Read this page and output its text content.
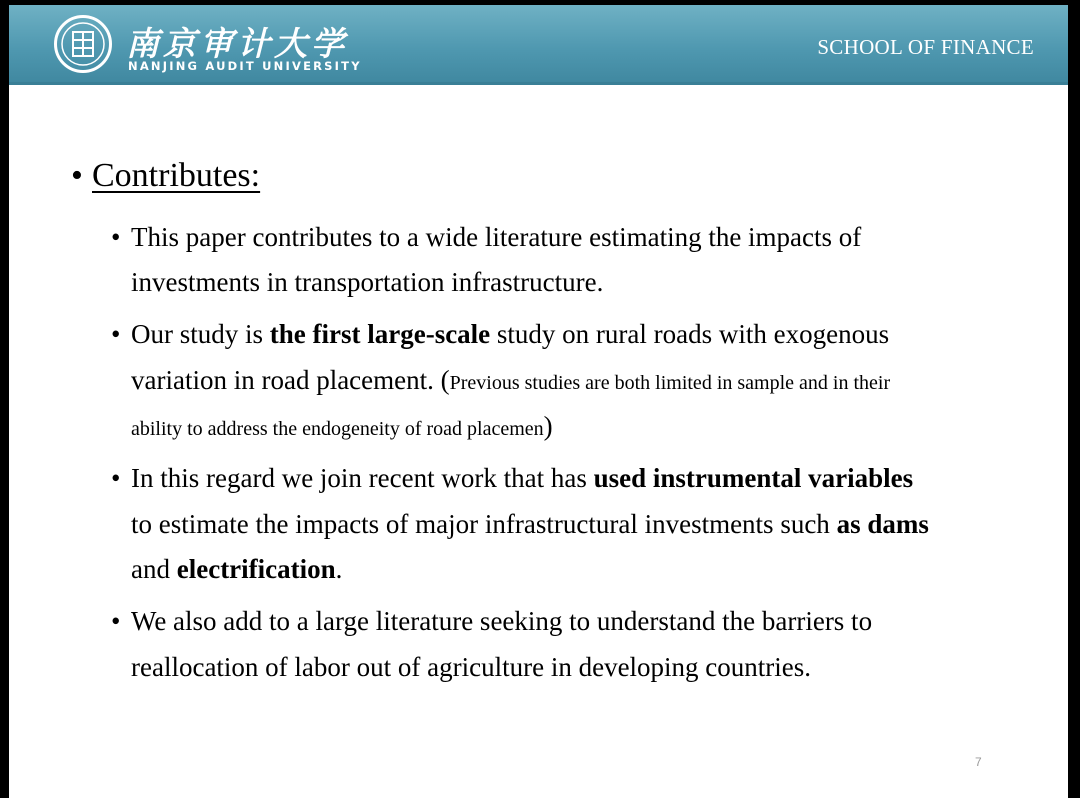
南京审计大学
NANJING AUDIT UNIVERSITY
SCHOOL OF FINANCE
• Contributes:
• This paper contributes to a wide literature estimating the impacts of
investments in transportation infrastructure.
• Our study is the first large-scale study on rural roads with exogenous
variation in road placement. (Previous studies are both limited in sample and in their
ability to address the endogeneity of road placemen)
• In this regard we join recent work that has used instrumental variables
to estimate the impacts of major infrastructural investments such as dams
and electrification.
• We also add to a large literature seeking to understand the barriers to
reallocation of labor out of agriculture in developing countries.
7
